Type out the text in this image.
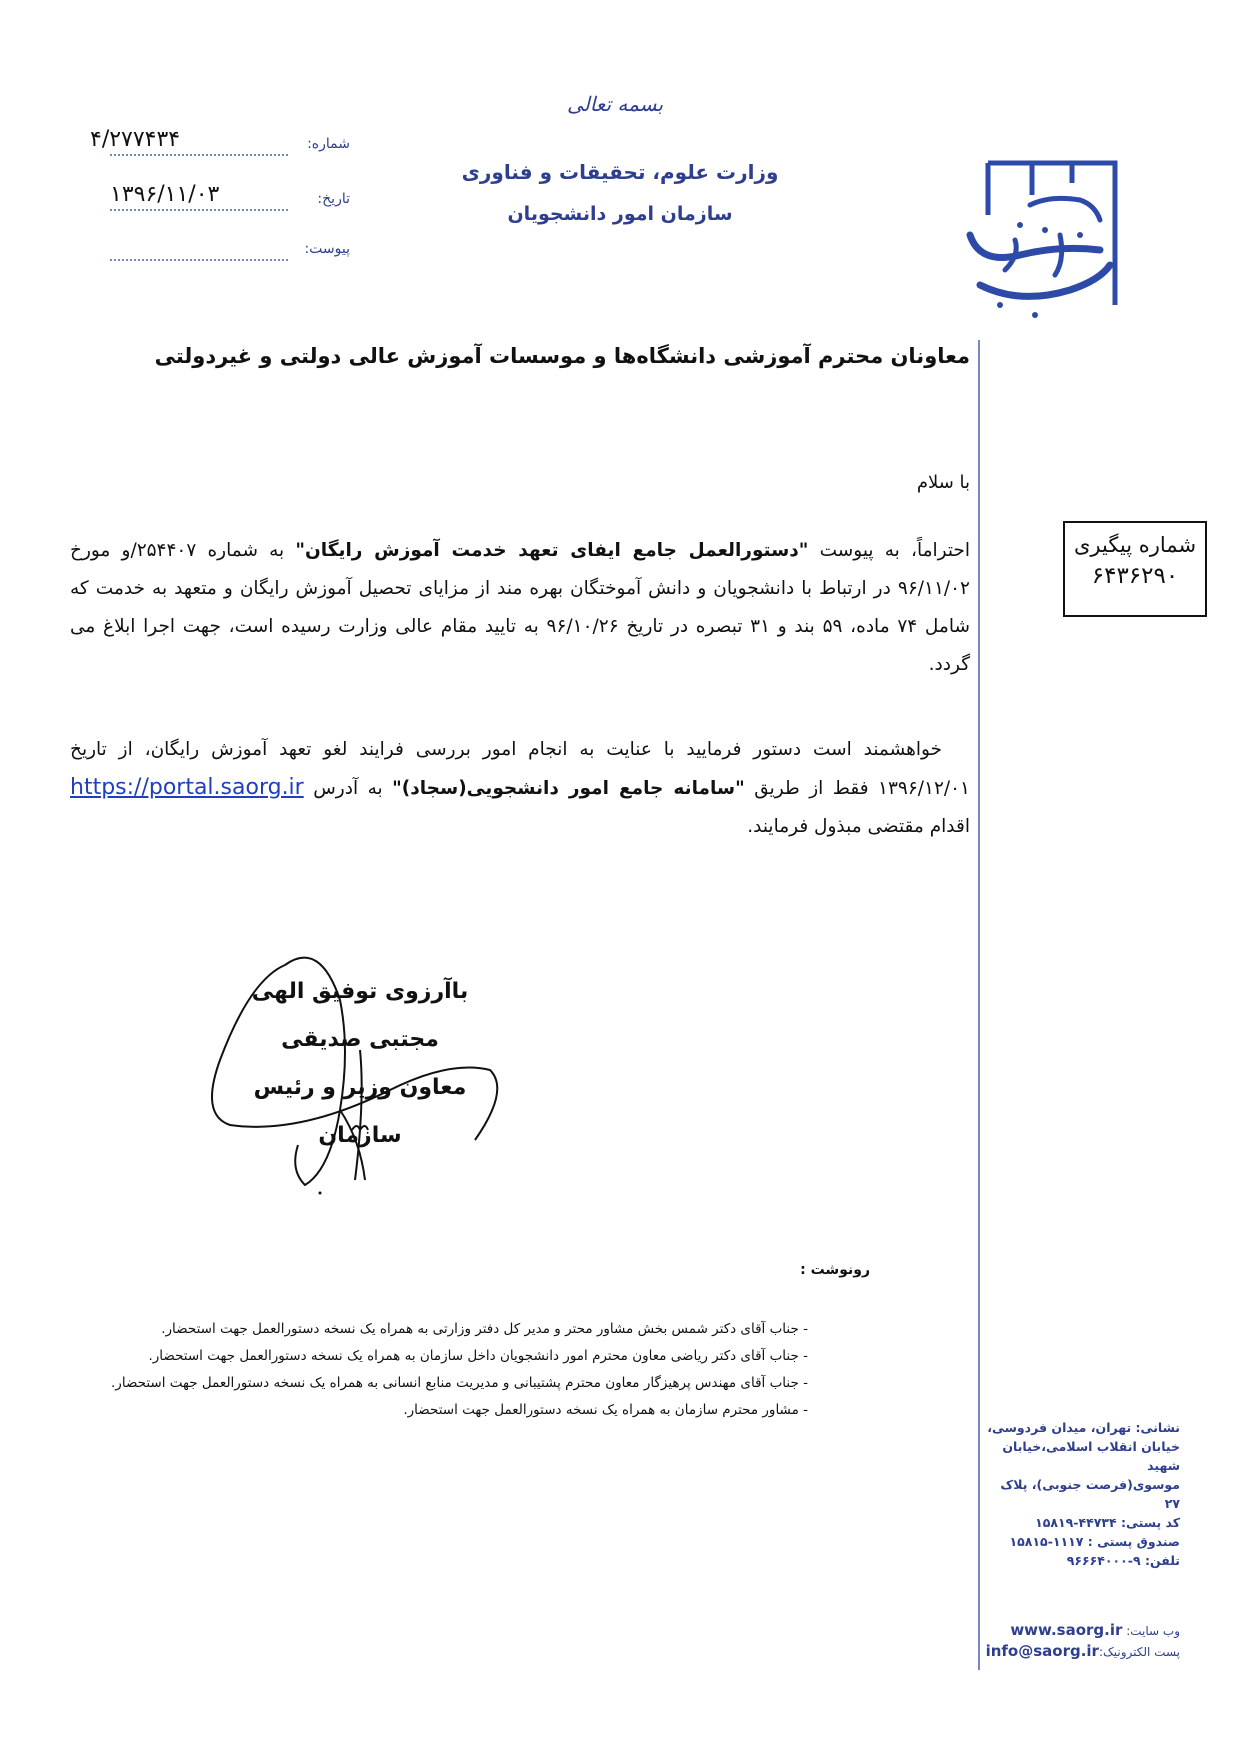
بسمه تعالی
وزارت علوم، تحقیقات و فناوری
سازمان امور دانشجویان
شماره:
۴/۲۷۷۴۳۴
تاریخ:
۱۳۹۶/۱۱/۰۳
پیوست:
معاونان محترم آموزشی دانشگاه‌ها و موسسات آموزش عالی دولتی و غیردولتی
با سلام
شماره پیگیری
۶۴۳۶۲۹۰
احتراماً، به پیوست "دستورالعمل جامع ایفای تعهد خدمت آموزش رایگان" به شماره ۲۵۴۴۰۷/و مورخ ۹۶/۱۱/۰۲ در ارتباط با دانشجویان و دانش آموختگان بهره مند از مزایای تحصیل آموزش رایگان و متعهد به خدمت که شامل ۷۴ ماده، ۵۹ بند و ۳۱ تبصره در تاریخ ۹۶/۱۰/۲۶ به تایید مقام عالی وزارت رسیده است، جهت اجرا ابلاغ می گردد.
خواهشمند است دستور فرمایید با عنایت به انجام امور بررسی فرایند لغو تعهد آموزش رایگان، از تاریخ ۱۳۹۶/۱۲/۰۱ فقط از طریق "سامانه جامع امور دانشجویی(سجاد)" به آدرس https://portal.saorg.ir اقدام مقتضی مبذول فرمایند.
باآرزوی توفیق الهی
مجتبی صدیقی
معاون وزیر و رئیس سازمان
رونوشت :
- جناب آقای دکتر شمس بخش مشاور محتر و مدیر کل دفتر وزارتی به همراه یک نسخه دستورالعمل جهت استحضار.
- جناب آقای دکتر ریاضی معاون محترم امور دانشجویان داخل سازمان به همراه یک نسخه دستورالعمل جهت استحضار.
- جناب آقای مهندس پرهیزگار معاون محترم پشتیبانی و مدیریت منابع انسانی به همراه یک نسخه دستورالعمل جهت استحضار.
- مشاور محترم سازمان به همراه یک نسخه دستورالعمل جهت استحضار.
نشانی: تهران، میدان فردوسی،
خیابان انقلاب اسلامی،خیابان شهید
موسوی(فرصت جنوبی)، پلاک ۲۷
کد پستی: ۴۴۷۳۴-۱۵۸۱۹
صندوق پستی : ۱۱۱۷-۱۵۸۱۵
تلفن: ۹-۹۶۶۶۴۰۰۰
وب سایت: www.saorg.ir
پست الکترونیک:info@saorg.ir
